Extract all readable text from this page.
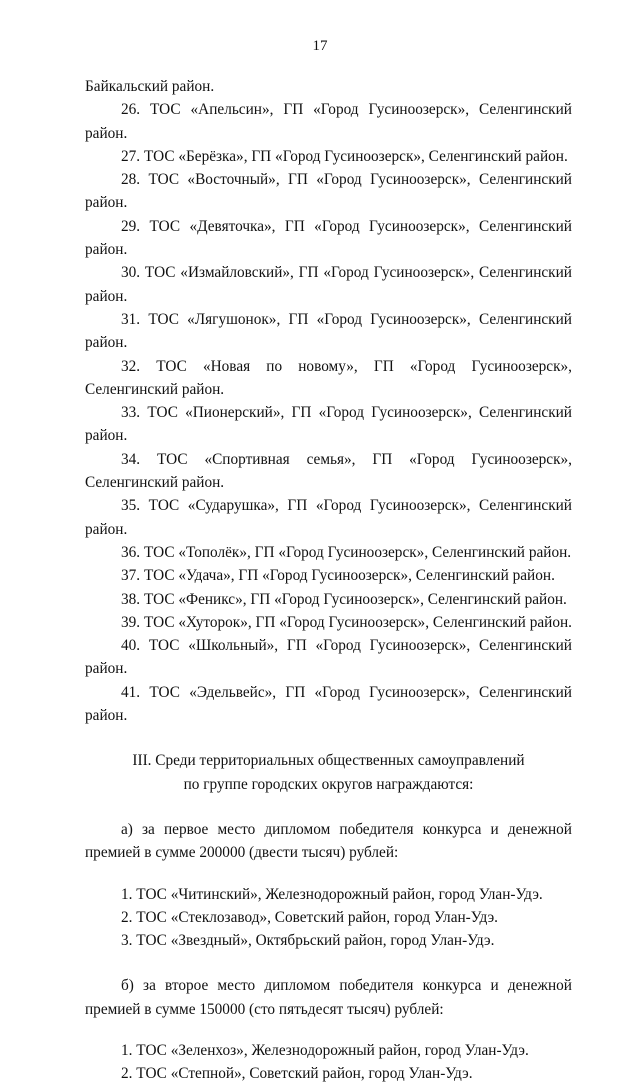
17

Байкальский район.

26. ТОС «Апельсин», ГП «Город Гусиноозерск», Селенгинский район.

27. ТОС «Берёзка», ГП «Город Гусиноозерск», Селенгинский район.

28. ТОС «Восточный», ГП «Город Гусиноозерск», Селенгинский район.

29. ТОС «Девяточка», ГП «Город Гусиноозерск», Селенгинский район.

30. ТОС «Измайловский», ГП «Город Гусиноозерск», Селенгинский район.

31. ТОС «Лягушонок», ГП «Город Гусиноозерск», Селенгинский район.

32. ТОС «Новая по новому», ГП «Город Гусиноозерск», Селенгинский район.

33. ТОС «Пионерский», ГП «Город Гусиноозерск», Селенгинский район.

34. ТОС «Спортивная семья», ГП «Город Гусиноозерск», Селенгинский район.

35. ТОС «Сударушка», ГП «Город Гусиноозерск», Селенгинский район.

36. ТОС «Тополёк», ГП «Город Гусиноозерск», Селенгинский район.

37. ТОС «Удача», ГП «Город Гусиноозерск», Селенгинский район.

38. ТОС «Феникс», ГП «Город Гусиноозерск», Селенгинский район.

39. ТОС «Хуторок», ГП «Город Гусиноозерск», Селенгинский район.

40. ТОС «Школьный», ГП «Город Гусиноозерск», Селенгинский район.

41. ТОС «Эдельвейс», ГП «Город Гусиноозерск», Селенгинский район.

III. Среди территориальных общественных самоуправлений

по группе городских округов награждаются:

а) за первое место дипломом победителя конкурса и денежной премией в сумме 200000 (двести тысяч) рублей:

1. ТОС «Читинский», Железнодорожный район, город Улан-Удэ.

2. ТОС «Стеклозавод», Советский район, город Улан-Удэ.

3. ТОС «Звездный», Октябрьский район, город Улан-Удэ.

б) за второе место дипломом победителя конкурса и денежной премией в сумме 150000 (сто пятьдесят тысяч) рублей:

1. ТОС «Зеленхоз», Железнодорожный район, город Улан-Удэ.

2. ТОС «Степной», Советский район, город Улан-Удэ.
